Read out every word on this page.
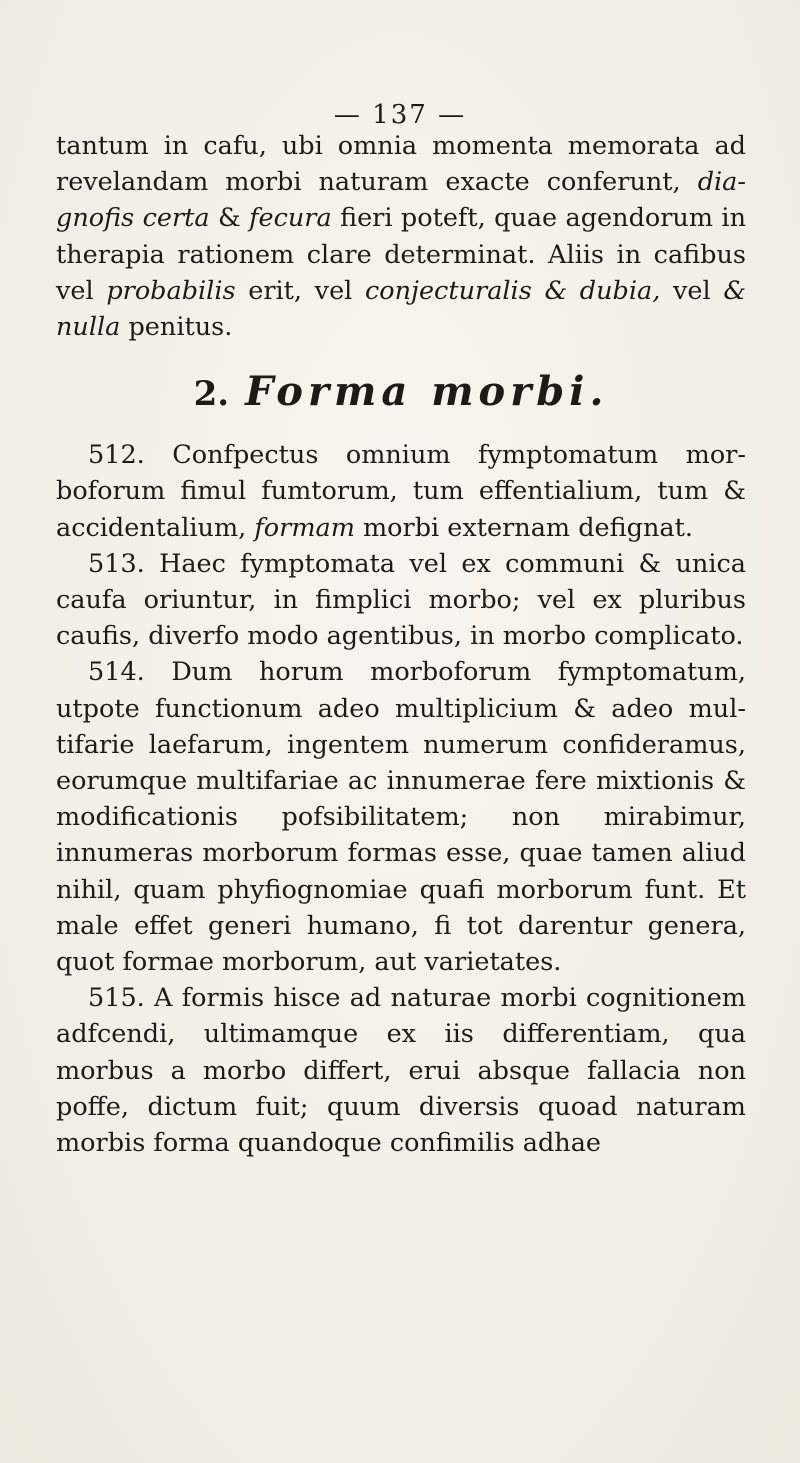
— 137 —

tantum in cafu, ubi omnia momenta memorata ad revelandam morbi naturam exacte conferunt, diagnofis certa & fecura fieri poteft, quae agendorum in therapia rationem clare determinat. Aliis in cafibus vel probabilis erit, vel conjecturalis & dubia, vel & nulla penitus.

2. Forma morbi.

512. Confpectus omnium fymptomatum morboforum fimul fumtorum, tum effentialium, tum & accidentalium, formam morbi externam defignat.

513. Haec fymptomata vel ex communi & unica caufa oriuntur, in fimplici morbo; vel ex pluribus caufis, diverfo modo agentibus, in morbo complicato.

514. Dum horum morboforum fymptomatum, utpote functionum adeo multiplicium & adeo multifarie laefarum, ingentem numerum confideramus, eorumque multifariae ac innumerae fere mixtionis & modificationis pofsibilitatem; non mirabimur, innumeras morborum formas esse, quae tamen aliud nihil, quam phyfiognomiae quafi morborum funt. Et male effet generi humano, fi tot darentur genera, quot formae morborum, aut varietates.

515. A formis hisce ad naturae morbi cognitionem adfcendi, ultimamque ex iis differentiam, qua morbus a morbo differt, erui absque fallacia non poffe, dictum fuit; quum diversis quoad naturam morbis forma quandoque confimilis adhae
